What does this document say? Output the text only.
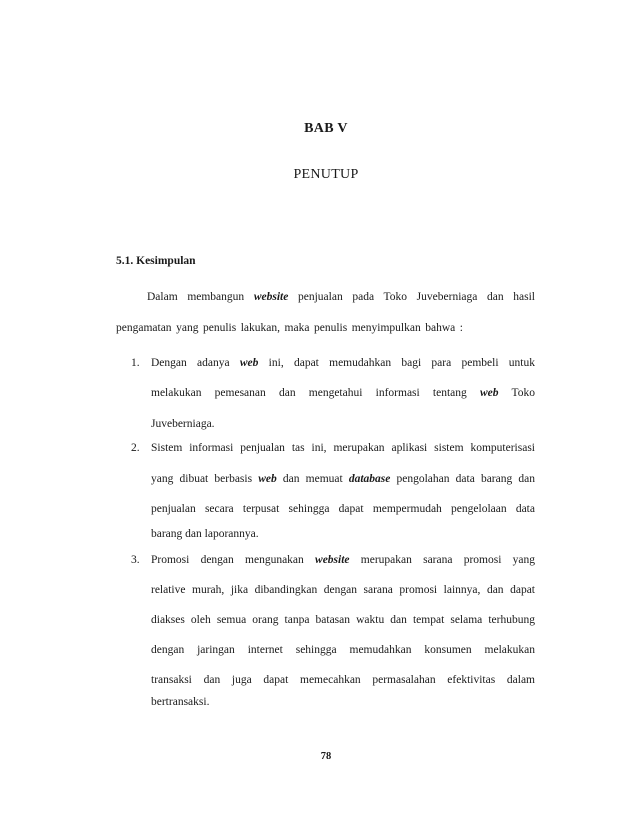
BAB V
PENUTUP
5.1. Kesimpulan
Dalam membangun website penjualan pada Toko Juveberniaga dan hasil
pengamatan yang penulis lakukan, maka penulis menyimpulkan bahwa :
1. Dengan adanya web ini, dapat memudahkan bagi para pembeli untuk
melakukan pemesanan dan mengetahui informasi tentang web Toko
Juveberniaga.
2. Sistem informasi penjualan tas ini, merupakan aplikasi sistem komputerisasi
yang dibuat berbasis web dan memuat database pengolahan data barang dan
penjualan secara terpusat sehingga dapat mempermudah pengelolaan data
barang dan laporannya.
3. Promosi dengan mengunakan website merupakan sarana promosi yang
relative murah, jika dibandingkan dengan sarana promosi lainnya, dan dapat
diakses oleh semua orang tanpa batasan waktu dan tempat selama terhubung
dengan jaringan internet sehingga memudahkan konsumen melakukan
transaksi dan juga dapat memecahkan permasalahan efektivitas dalam
bertransaksi.
78
